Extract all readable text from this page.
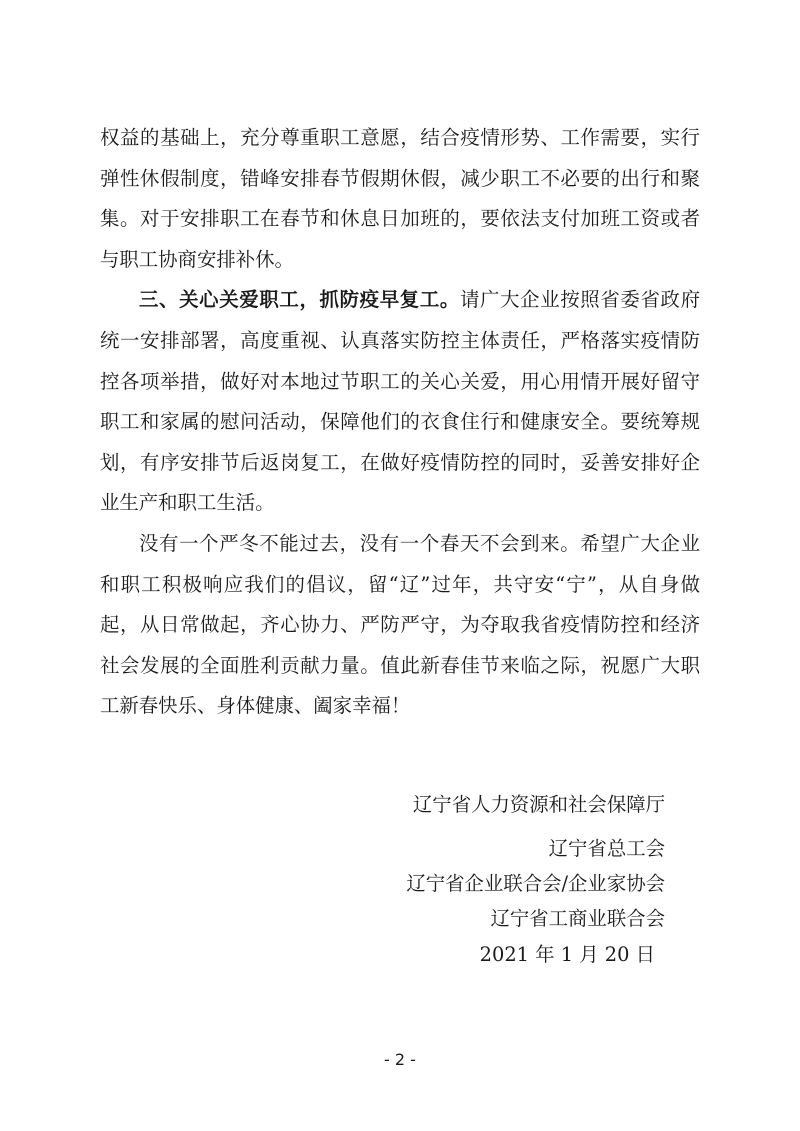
权益的基础上，充分尊重职工意愿，结合疫情形势、工作需要，实行弹性休假制度，错峰安排春节假期休假，减少职工不必要的出行和聚集。对于安排职工在春节和休息日加班的，要依法支付加班工资或者与职工协商安排补休。

三、关心关爱职工，抓防疫早复工。请广大企业按照省委省政府统一安排部署，高度重视、认真落实防控主体责任，严格落实疫情防控各项举措，做好对本地过节职工的关心关爱，用心用情开展好留守职工和家属的慰问活动，保障他们的衣食住行和健康安全。要统筹规划，有序安排节后返岗复工，在做好疫情防控的同时，妥善安排好企业生产和职工生活。

没有一个严冬不能过去，没有一个春天不会到来。希望广大企业和职工积极响应我们的倡议，留“辽”过年，共守安“宁”，从自身做起，从日常做起，齐心协力、严防严守，为夺取我省疫情防控和经济社会发展的全面胜利贡献力量。值此新春佳节来临之际，祝愿广大职工新春快乐、身体健康、阖家幸福！

辽宁省人力资源和社会保障厅
辽宁省总工会
辽宁省企业联合会/企业家协会
辽宁省工商业联合会
2021 年 1 月 20 日
- 2 -
